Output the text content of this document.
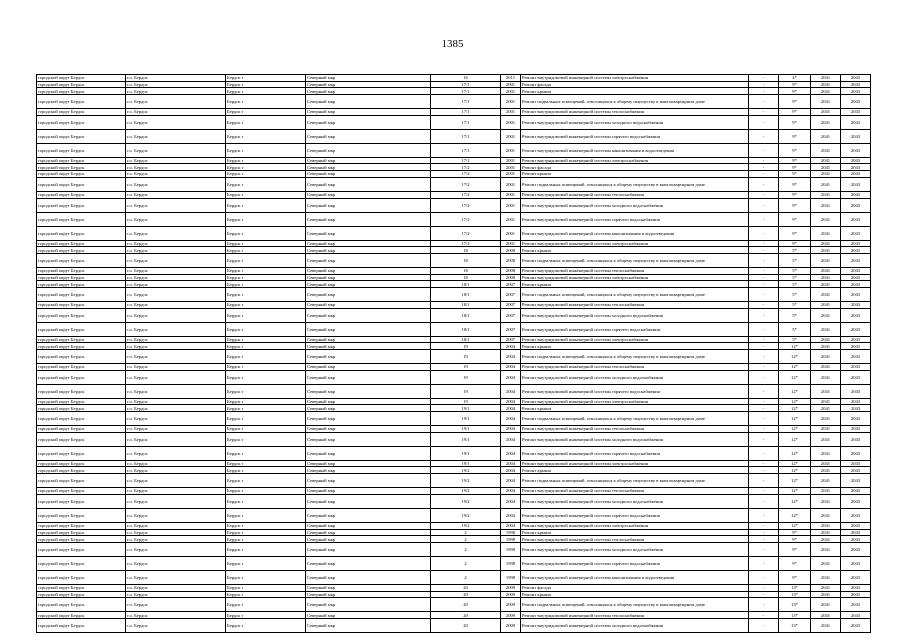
1385
городской округ Бердск	г.о. Бердск	Бердск г	Северный мкр	16	2011	Ремонт внутридомовой инженерной системы электроснабжения	-	4*	2041	2043
городской округ Бердск	г.о. Бердск	Бердск г	Северный мкр	17/1	2001	Ремонт фасада	-	9*	2041	2043
городской округ Бердск	г.о. Бердск	Бердск г	Северный мкр	17/1	2001	Ремонт крыши	-	9*	2041	2043
городской округ Бердск	г.о. Бердск	Бердск г	Северный мкр	17/1	2001	Ремонт подвальных помещений, относящихся к общему имуществу в многоквартирном доме	-	9*	2041	2043
городской округ Бердск	г.о. Бердск	Бердск г	Северный мкр	17/1	2001	Ремонт внутридомовой инженерной системы теплоснабжения	-	9*	2041	2043
городской округ Бердск	г.о. Бердск	Бердск г	Северный мкр	17/1	2001	Ремонт внутридомовой инженерной системы холодного водоснабжения	-	9*	2041	2043
городской округ Бердск	г.о. Бердск	Бердск г	Северный мкр	17/1	2001	Ремонт внутридомовой инженерной системы горячего водоснабжения	-	9*	2041	2043
городской округ Бердск	г.о. Бердск	Бердск г	Северный мкр	17/1	2001	Ремонт внутридомовой инженерной системы канализования и водоотведения	-	9*	2041	2043
городской округ Бердск	г.о. Бердск	Бердск г	Северный мкр	17/1	2001	Ремонт внутридомовой инженерной системы электроснабжения	-	9*	2041	2043
городской округ Бердск	г.о. Бердск	Бердск г	Северный мкр	17/2	2001	Ремонт фасада	-	9*	2041	2043
городской округ Бердск	г.о. Бердск	Бердск г	Северный мкр	17/2	2001	Ремонт крыши	-	9*	2041	2043
городской округ Бердск	г.о. Бердск	Бердск г	Северный мкр	17/2	2001	Ремонт подвальных помещений, относящихся к общему имуществу в многоквартирном доме	-	9*	2041	2043
городской округ Бердск	г.о. Бердск	Бердск г	Северный мкр	17/2	2001	Ремонт внутридомовой инженерной системы теплоснабжения	-	9*	2041	2043
городской округ Бердск	г.о. Бердск	Бердск г	Северный мкр	17/2	2001	Ремонт внутридомовой инженерной системы холодного водоснабжения	-	9*	2041	2043
городской округ Бердск	г.о. Бердск	Бердск г	Северный мкр	17/2	2001	Ремонт внутридомовой инженерной системы горячего водоснабжения	-	9*	2041	2043
городской округ Бердск	г.о. Бердск	Бердск г	Северный мкр	17/2	2001	Ремонт внутридомовой инженерной системы канализования и водоотведения	-	9*	2041	2043
городской округ Бердск	г.о. Бердск	Бердск г	Северный мкр	17/2	2001	Ремонт внутридомовой инженерной системы электроснабжения	-	9*	2041	2043
городской округ Бердск	г.о. Бердск	Бердск г	Северный мкр	18	2008	Ремонт крыши	-	5*	2041	2043
городской округ Бердск	г.о. Бердск	Бердск г	Северный мкр	18	2008	Ремонт подвальных помещений, относящихся к общему имуществу в многоквартирном доме	-	5*	2041	2043
городской округ Бердск	г.о. Бердск	Бердск г	Северный мкр	18	2008	Ремонт внутридомовой инженерной системы теплоснабжения	-	5*	2041	2043
городской округ Бердск	г.о. Бердск	Бердск г	Северный мкр	18	2008	Ремонт внутридомовой инженерной системы электроснабжения	-	5*	2041	2043
городской округ Бердск	г.о. Бердск	Бердск г	Северный мкр	18/1	2007	Ремонт крыши	-	5*	2041	2043
городской округ Бердск	г.о. Бердск	Бердск г	Северный мкр	18/1	2007	Ремонт подвальных помещений, относящихся к общему имуществу в многоквартирном доме	-	5*	2041	2043
городской округ Бердск	г.о. Бердск	Бердск г	Северный мкр	18/1	2007	Ремонт внутридомовой инженерной системы теплоснабжения	-	5*	2041	2043
городской округ Бердск	г.о. Бердск	Бердск г	Северный мкр	18/1	2007	Ремонт внутридомовой инженерной системы холодного водоснабжения	-	5*	2041	2043
городской округ Бердск	г.о. Бердск	Бердск г	Северный мкр	18/1	2007	Ремонт внутридомовой инженерной системы горячего водоснабжения	-	5*	2041	2043
городской округ Бердск	г.о. Бердск	Бердск г	Северный мкр	18/1	2007	Ремонт внутридомовой инженерной системы электроснабжения	-	5*	2041	2043
городской округ Бердск	г.о. Бердск	Бердск г	Северный мкр	19	2004	Ремонт крыши	-	12*	2041	2043
городской округ Бердск	г.о. Бердск	Бердск г	Северный мкр	19	2004	Ремонт подвальных помещений, относящихся к общему имуществу в многоквартирном доме	-	12*	2041	2043
городской округ Бердск	г.о. Бердск	Бердск г	Северный мкр	19	2004	Ремонт внутридомовой инженерной системы теплоснабжения	-	12*	2041	2043
городской округ Бердск	г.о. Бердск	Бердск г	Северный мкр	19	2004	Ремонт внутридомовой инженерной системы холодного водоснабжения	-	12*	2041	2043
городской округ Бердск	г.о. Бердск	Бердск г	Северный мкр	19	2004	Ремонт внутридомовой инженерной системы горячего водоснабжения	-	12*	2041	2043
городской округ Бердск	г.о. Бердск	Бердск г	Северный мкр	19	2004	Ремонт внутридомовой инженерной системы электроснабжения	-	12*	2041	2043
городской округ Бердск	г.о. Бердск	Бердск г	Северный мкр	19/1	2004	Ремонт крыши	-	12*	2041	2043
городской округ Бердск	г.о. Бердск	Бердск г	Северный мкр	19/1	2004	Ремонт подвальных помещений, относящихся к общему имуществу в многоквартирном доме	-	12*	2041	2043
городской округ Бердск	г.о. Бердск	Бердск г	Северный мкр	19/1	2004	Ремонт внутридомовой инженерной системы теплоснабжения	-	12*	2041	2043
городской округ Бердск	г.о. Бердск	Бердск г	Северный мкр	19/1	2004	Ремонт внутридомовой инженерной системы холодного водоснабжения	-	12*	2041	2043
городской округ Бердск	г.о. Бердск	Бердск г	Северный мкр	19/1	2004	Ремонт внутридомовой инженерной системы горячего водоснабжения	-	12*	2041	2043
городской округ Бердск	г.о. Бердск	Бердск г	Северный мкр	19/1	2004	Ремонт внутридомовой инженерной системы электроснабжения	-	12*	2041	2043
городской округ Бердск	г.о. Бердск	Бердск г	Северный мкр	19/2	2004	Ремонт крыши	-	12*	2041	2043
городской округ Бердск	г.о. Бердск	Бердск г	Северный мкр	19/2	2004	Ремонт подвальных помещений, относящихся к общему имуществу в многоквартирном доме	-	12*	2041	2043
городской округ Бердск	г.о. Бердск	Бердск г	Северный мкр	19/2	2004	Ремонт внутридомовой инженерной системы теплоснабжения	-	12*	2041	2043
городской округ Бердск	г.о. Бердск	Бердск г	Северный мкр	19/2	2004	Ремонт внутридомовой инженерной системы холодного водоснабжения	-	12*	2041	2043
городской округ Бердск	г.о. Бердск	Бердск г	Северный мкр	19/2	2004	Ремонт внутридомовой инженерной системы горячего водоснабжения	-	12*	2041	2043
городской округ Бердск	г.о. Бердск	Бердск г	Северный мкр	19/2	2004	Ремонт внутридомовой инженерной системы электроснабжения	-	12*	2041	2043
городской округ Бердск	г.о. Бердск	Бердск г	Северный мкр	2	1998	Ремонт крыши	-	9*	2041	2043
городской округ Бердск	г.о. Бердск	Бердск г	Северный мкр	2	1998	Ремонт внутридомовой инженерной системы теплоснабжения	-	9*	2041	2043
городской округ Бердск	г.о. Бердск	Бердск г	Северный мкр	2	1998	Ремонт внутридомовой инженерной системы холодного водоснабжения	-	9*	2041	2043
городской округ Бердск	г.о. Бердск	Бердск г	Северный мкр	2	1998	Ремонт внутридомовой инженерной системы горячего водоснабжения	-	9*	2041	2043
городской округ Бердск	г.о. Бердск	Бердск г	Северный мкр	2	1998	Ремонт внутридомовой инженерной системы канализования и водоотведения	-	9*	2041	2043
городской округ Бердск	г.о. Бердск	Бердск г	Северный мкр	20	2009	Ремонт фасада	-	13*	2041	2043
городской округ Бердск	г.о. Бердск	Бердск г	Северный мкр	20	2009	Ремонт крыши	-	13*	2041	2043
городской округ Бердск	г.о. Бердск	Бердск г	Северный мкр	20	2009	Ремонт подвальных помещений, относящихся к общему имуществу в многоквартирном доме	-	13*	2041	2043
городской округ Бердск	г.о. Бердск	Бердск г	Северный мкр	20	2009	Ремонт внутридомовой инженерной системы теплоснабжения	-	13*	2041	2043
городской округ Бердск	г.о. Бердск	Бердск г	Северный мкр	20	2009	Ремонт внутридомовой инженерной системы холодного водоснабжения	-	13*	2041	2043
